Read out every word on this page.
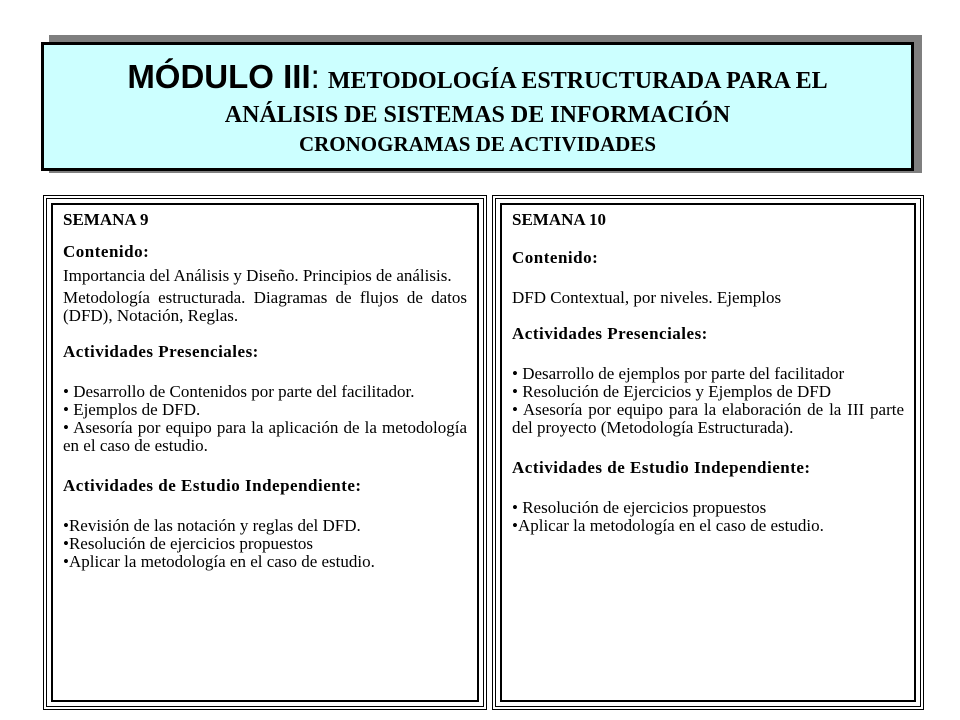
MÓDULO III: METODOLOGÍA ESTRUCTURADA PARA EL
ANÁLISIS DE SISTEMAS DE INFORMACIÓN
CRONOGRAMAS DE ACTIVIDADES

SEMANA 9

Contenido:

Importancia del Análisis y Diseño. Principios de análisis.

Metodología estructurada. Diagramas de flujos de datos (DFD), Notación, Reglas.

Actividades Presenciales:

• Desarrollo de Contenidos por parte del facilitador.

• Ejemplos de DFD.

• Asesoría por equipo para la aplicación de la metodología en el caso de estudio.

Actividades de Estudio Independiente:

•Revisión de las notación y reglas del DFD.

•Resolución de ejercicios propuestos

•Aplicar la metodología en el caso de estudio.

SEMANA 10

Contenido:

DFD Contextual, por niveles. Ejemplos

Actividades Presenciales:

• Desarrollo de ejemplos por parte del facilitador

• Resolución de Ejercicios y Ejemplos de DFD

• Asesoría por equipo para la elaboración de la III parte del proyecto (Metodología Estructurada).

Actividades de Estudio Independiente:

• Resolución de ejercicios propuestos

•Aplicar la metodología en el caso de estudio.
